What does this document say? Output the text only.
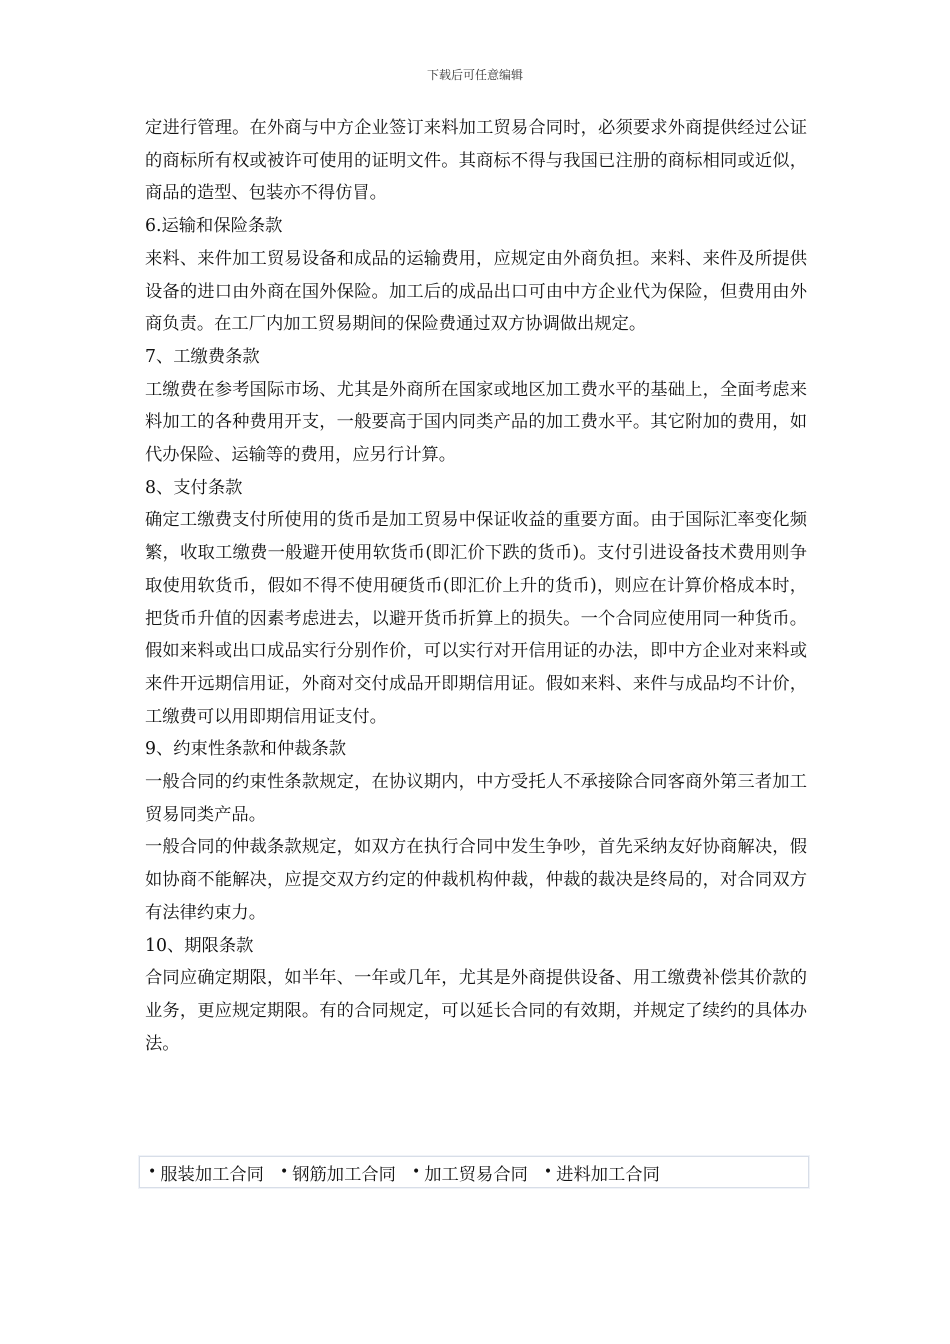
下载后可任意编辑

定进行管理。在外商与中方企业签订来料加工贸易合同时，必须要求外商提供经过公证的商标所有权或被许可使用的证明文件。其商标不得与我国已注册的商标相同或近似，商品的造型、包装亦不得仿冒。

6.运输和保险条款

来料、来件加工贸易设备和成品的运输费用，应规定由外商负担。来料、来件及所提供设备的进口由外商在国外保险。加工后的成品出口可由中方企业代为保险，但费用由外商负责。在工厂内加工贸易期间的保险费通过双方协调做出规定。

7、工缴费条款

工缴费在参考国际市场、尤其是外商所在国家或地区加工费水平的基础上，全面考虑来料加工的各种费用开支，一般要高于国内同类产品的加工费水平。其它附加的费用，如代办保险、运输等的费用，应另行计算。

8、支付条款

确定工缴费支付所使用的货币是加工贸易中保证收益的重要方面。由于国际汇率变化频繁，收取工缴费一般避开使用软货币(即汇价下跌的货币)。支付引进设备技术费用则争取使用软货币，假如不得不使用硬货币(即汇价上升的货币)，则应在计算价格成本时，把货币升值的因素考虑进去，以避开货币折算上的损失。一个合同应使用同一种货币。假如来料或出口成品实行分别作价，可以实行对开信用证的办法，即中方企业对来料或来件开远期信用证，外商对交付成品开即期信用证。假如来料、来件与成品均不计价，工缴费可以用即期信用证支付。

9、约束性条款和仲裁条款

一般合同的约束性条款规定，在协议期内，中方受托人不承接除合同客商外第三者加工贸易同类产品。

一般合同的仲裁条款规定，如双方在执行合同中发生争吵，首先采纳友好协商解决，假如协商不能解决，应提交双方约定的仲裁机构仲裁，仲裁的裁决是终局的，对合同双方有法律约束力。

10、期限条款

合同应确定期限，如半年、一年或几年，尤其是外商提供设备、用工缴费补偿其价款的业务，更应规定期限。有的合同规定，可以延长合同的有效期，并规定了续约的具体办法。

• 服装加工合同 • 钢筋加工合同 • 加工贸易合同 • 进料加工合同
